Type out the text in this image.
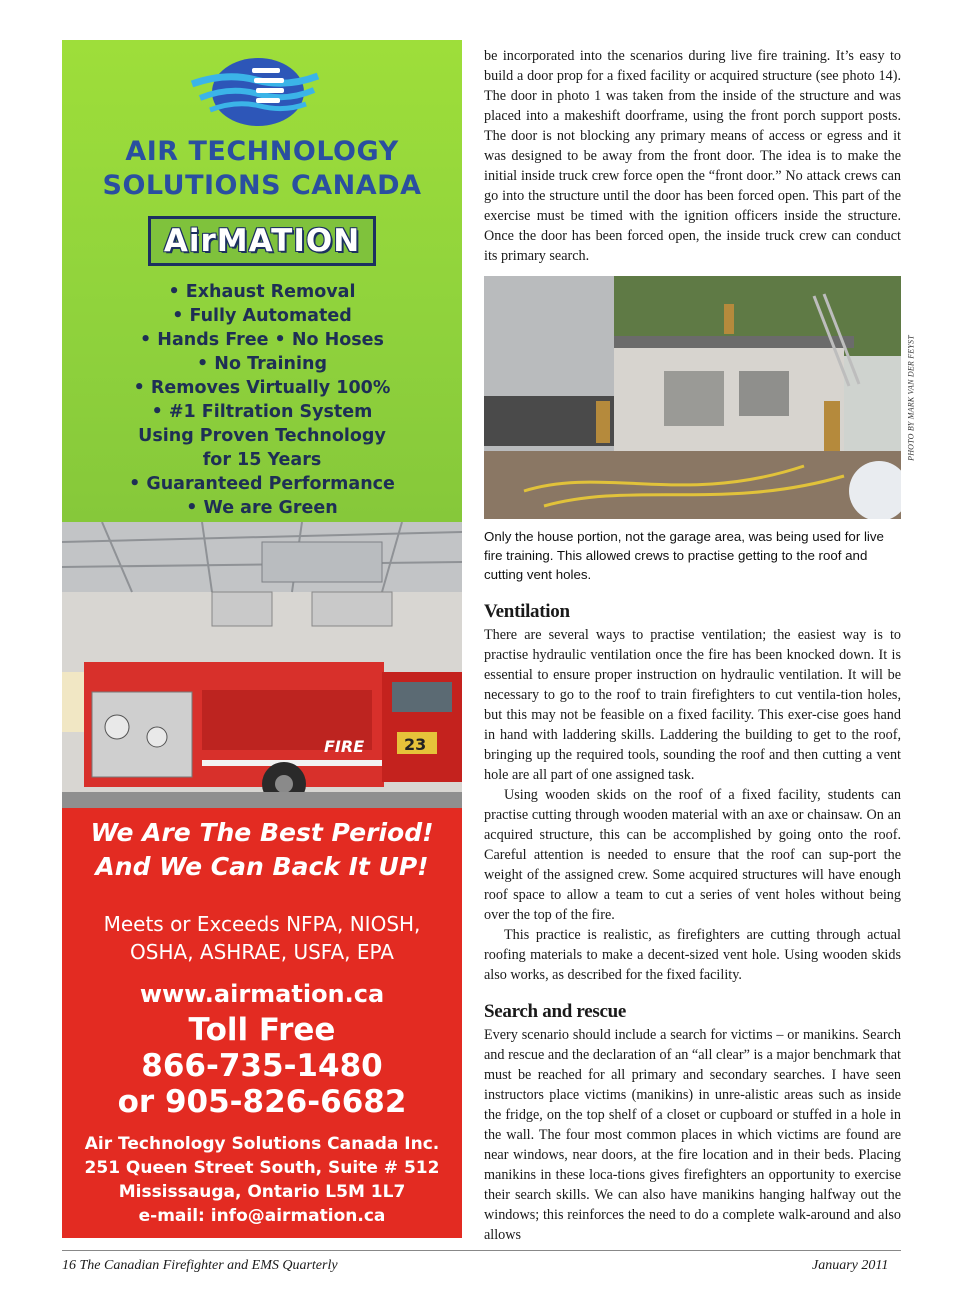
AIR TECHNOLOGY
SOLUTIONS CANADA
AirMATION
• Exhaust Removal
• Fully Automated
• Hands Free • No Hoses
• No Training
• Removes Virtually 100%
• #1 Filtration System
Using Proven Technology
for 15 Years
• Guaranteed Performance
• We are Green
FIRE 23
We Are The Best Period!
And We Can Back It UP!
Meets or Exceeds NFPA, NIOSH,
OSHA, ASHRAE, USFA, EPA
www.airmation.ca
Toll Free
866-735-1480
or 905-826-6682
Air Technology Solutions Canada Inc.
251 Queen Street South, Suite # 512
Mississauga, Ontario L5M 1L7
e-mail: info@airmation.ca

be incorporated into the scenarios during live fire training. It’s easy to build a door prop for a fixed facility or acquired structure (see photo 14). The door in photo 1 was taken from the inside of the structure and was placed into a makeshift doorframe, using the front porch support posts. The door is not blocking any primary means of access or egress and it was designed to be away from the front door. The idea is to make the initial inside truck crew force open the “front door.” No attack crews can go into the structure until the door has been forced open. This part of the exercise must be timed with the ignition officers inside the structure. Once the door has been forced open, the inside truck crew can conduct its primary search.

PHOTO BY MARK VAN DER FEYST
Only the house portion, not the garage area, was being used for live fire training. This allowed crews to practise getting to the roof and cutting vent holes.
Ventilation

There are several ways to practise ventilation; the easiest way is to practise hydraulic ventilation once the fire has been knocked down. It is essential to ensure proper instruction on hydraulic ventilation. It will be necessary to go to the roof to train firefighters to cut ventila-tion holes, but this may not be feasible on a fixed facility. This exer-cise goes hand in hand with laddering skills. Laddering the building to get to the roof, bringing up the required tools, sounding the roof and then cutting a vent hole are all part of one assigned task.

Using wooden skids on the roof of a fixed facility, students can practise cutting through wooden material with an axe or chainsaw. On an acquired structure, this can be accomplished by going onto the roof. Careful attention is needed to ensure that the roof can sup-port the weight of the assigned crew. Some acquired structures will have enough roof space to allow a team to cut a series of vent holes without being over the top of the fire.

This practice is realistic, as firefighters are cutting through actual roofing materials to make a decent-sized vent hole. Using wooden skids also works, as described for the fixed facility.

Search and rescue

Every scenario should include a search for victims – or manikins. Search and rescue and the declaration of an “all clear” is a major benchmark that must be reached for all primary and secondary searches. I have seen instructors place victims (manikins) in unre-alistic areas such as inside the fridge, on the top shelf of a closet or cupboard or stuffed in a hole in the wall. The four most common places in which victims are found are near windows, near doors, at the fire location and in their beds. Placing manikins in these loca-tions gives firefighters an opportunity to exercise their search skills. We can also have manikins hanging halfway out the windows; this reinforces the need to do a complete walk-around and also allows

16 The Canadian Firefighter and EMS Quarterly	January 2011
